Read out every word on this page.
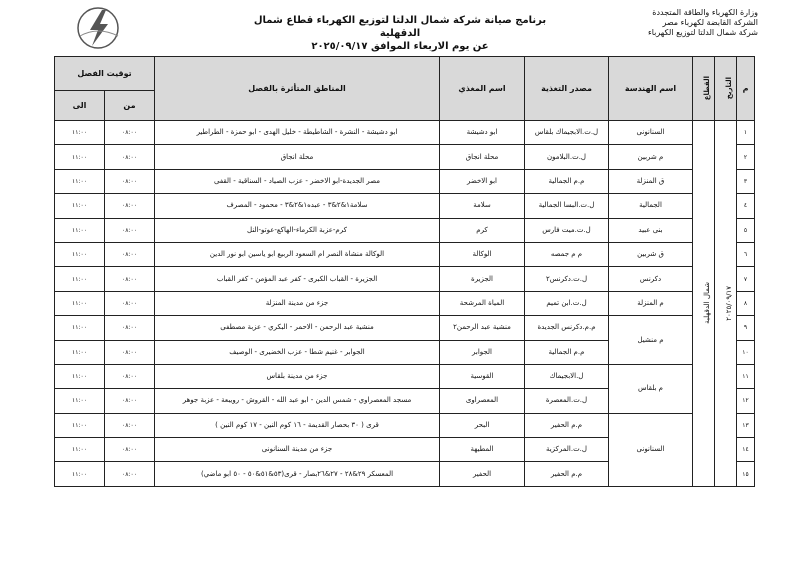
وزارة الكهرباء والطاقة المتجددة
الشركة القابضة لكهرباء مصر
شركة شمال الدلتا لتوزيع الكهرباء
برنامج صيانة شركة شمال الدلتا لتوزيع الكهرباء قطاع شمال الدقهلية
عن يوم الاربعاء الموافق ٢٠٢٥/٠٩/١٧
م	التاريخ	القطاع	اسم الهندسة	مصدر التغذية	اسم المغذي	المناطق المتأثرة بالفصل	توقيت الفصل	
							من	الى
١	٢٠٢٥/٠٩/١٧	شمال الدقهلية	السنانونى	ل.ت.الابجيماك بلقاس	ابو دشيشة	ابو دشيشة - النشرة - الشاطيطة - خليل الهدى - ابو حمزة - الطراطير	٠٨:٠٠	١١:٠٠
٢			م شربين	ل.ت.البلامون	محلة انجاق	محلة انجاق	٠٨:٠٠	١١:٠٠
٣			ق المنزلة	م.م الجمالية	ابو الاخضر	مصر الجديدة-ابو الاخضر - عزب الصياد - السناقية - القفى	٠٨:٠٠	١١:٠٠
٤			الجمالية	ل.ت.البسا الجمالية	سلامة	سلامة١&٢&٣ - عبده١&٢&٣ - محمود - المصرف	٠٨:٠٠	١١:٠٠
٥			بنى عبيد	ل.ت.ميت فارس	كرم	كرم-عزبة الكرماء-الهاكع-عوتو-النل	٠٨:٠٠	١١:٠٠
٦			ق شربين	م م جمصه	الوكالة	الوكالة منشاة النصر ام السعود الربيع ابو ياسين ابو نور الدين	٠٨:٠٠	١١:٠٠
٧			دكرنس	ل.ت.دكرنس٢	الجزيرة	الجزيرة - القباب الكبرى - كفر عبد المؤمن - كفر القباب	٠٨:٠٠	١١:٠٠
٨			م المنزلة	ل.ت.ابن تميم	المياة المرشحة	جزء من مدينة المنزلة	٠٨:٠٠	١١:٠٠
٩			م منشيل	م.م.دكرنس الجديدة	منشية عبد الرحمن٢	منشية عبد الرحمن - الاحمر - البكري - عزبة مصطفى	٠٨:٠٠	١١:٠٠
١٠				م.م الجمالية	الجوابر	الجوابر - غنيم شطا - عزب الخضيرى - الوصيف	٠٨:٠٠	١١:٠٠
١١			م بلقاس	ل.الابجيماك	القوسية	جزء من مدينة بلقاس	٠٨:٠٠	١١:٠٠
١٢				ل.ت.المعصرة	المعصراوى	مسجد المعصراوي - شمس الدين - ابو عبد الله - القروش - رويبعة - عزبة جوهر	٠٨:٠٠	١١:٠٠
١٣			السنانونى	م.م الحفير	البحر	قرى ( ٣٠ بحصار القديمة - ١٦ كوم النين - ١٧ كوم النين )	٠٨:٠٠	١١:٠٠
١٤				ل.ت.المركزية	المطيهة	جزء من مدينة السنانونى	٠٨:٠٠	١١:٠٠
١٥				م.م الحفير	الحفير	المعسكر ٢٩&٢٨ - ٢٧&٢٦بصار - قرى(٥٣&٥١&٥٠ - ٥٠ ابو ماضي)	٠٨:٠٠	١١:٠٠
